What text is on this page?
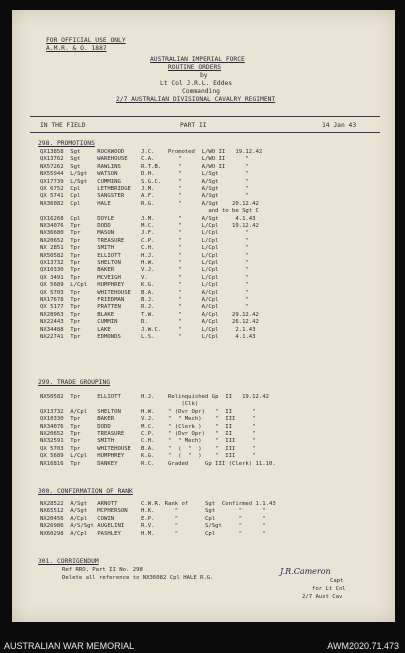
FOR OFFICIAL USE ONLY
A.M.R. & O. 1887
AUSTRALIAN IMPERIAL FORCE
ROUTINE ORDERS
by
Lt Col J.R.L. Eddes
Commanding
2/7 AUSTRALIAN DIVISIONAL CAVALRY REGIMENT
IN THE FIELD	PART II	14 Jan 43
298. PROMOTIONS
QX13858  Sgt     ROCKWOOD     J.C.    Promoted  L/WO II   19.12.42
QX13762  Sgt     WAREHOUSE    C.A.       "      L/WO II      "
NX57262  Sgt     RAWLINS      R.T.B.     "      A/WO II      "
NX55944  L/Sgt   WATSON       D.H.       "      L/Sgt        "
QX17739  L/Sgt   CUMMING      S.G.C.     "      A/Sgt        "
QX 6752  Cpl     LETHBRIDGE   J.M.       "      A/Sgt        "
QX 5741  Cpl     SANGSTER     A.F.       "      A/Sgt        "
NX36082  Cpl     HALE         R.G.       "      A/Sgt    20.12.42
and to be Sgt C
QX16268  Cpl     DOYLE        J.M.       "      A/Sgt     4.1.43
NX34076  Tpr     DODD         M.C.       "      L/Cpl    19.12.42
NX36680  Tpr     MASON        J.F.       "      L/Cpl        "
NX20652  Tpr     TREASURE     C.P.       "      L/Cpl        "
NX 2851  Tpr     SMITH        C.H.       "      L/Cpl        "
NX50582  Tpr     ELLIOTT      H.J.       "      L/Cpl        "
QX13732  Tpr     SHELTON      H.W.       "      L/Cpl        "
QX10330  Tpr     BAKER        V.J.       "      L/Cpl        "
QX 3491  Tpr     MCVEIGH      V.         "      L/Cpl        "
QX 5689  L/Cpl   HUMPHREY     K.G.       "      L/Cpl        "
QX 5703  Tpr     WHITEHOUSE   B.A.       "      A/Cpl        "
NX17678  Tpr     FRIEDMAN     B.J.       "      A/Cpl        "
QX 5177  Tpr     PRATTEN      R.J.       "      A/Cpl        "
NX28963  Tpr     BLAKE        T.W.       "      A/Cpl    29.12.42
NX22443  Tpr     CUMMIN       D.         "      A/Cpl    26.12.42
NX34488  Tpr     LAKE         J.W.C.     "      L/Cpl     2.1.43
NX22741  Tpr     EDMONDS      L.S.       "      L/Cpl     4.1.43
299. TRADE GROUPING
NX50582  Tpr     ELLIOTT      H.J.    Relinquished Gp  II   19.12.42
(Clk)
QX13732  A/Cpl   SHELTON      H.W.    " (Dvr Opr)   "  II      "
QX10330  Tpr     BAKER        V.J.    "  " Mech)    "  III     "
NX34076  Tpr     DODD         M.C.    " (Clerk )    "  II      "
NX20652  Tpr     TREASURE     C.P.    " (Dvr Opr)   "  II      "
NX32591  Tpr     SMITH        C.H.    "  " Mech)    "  III     "
QX 5703  Tpr     WHITEHOUSE   B.A.    "  (  "  )    "  III     "
QX 5689  L/Cpl   HUMPHREY     K.G.    "  (  "  )    "  III     "
NX16816  Tpr     DANKEY       R.C.    Graded     Gp III (Clerk) 11.10.
300. CONFIRMATION OF RANK
NX28522  A/Sgt   ARNOTT       C.W.R. Rank of     Sgt  Confirmed 1.1.43
NX65512  A/Sgt   MCPHERSON    H.K.      "        Sgt       "      "
NX20456  A/Cpl   COWIN        E.P.      "        Cpl       "      "
NX26986  A/S/Sgt AUGELINI     R.V.      "        S/Sgt     "      "
NX60298  A/Cpl   PASHLEY      H.M.      "        Cpl       "      "
301. CORRIGENDUM
Ref RRO, Part II No. 298
Delete all reference to NX36082 Cpl HALE R.G.
J.R.Cameron
Capt
for Lt Col
2/7 Aust Cav
AUSTRALIAN WAR MEMORIAL	AWM2020.71.473
